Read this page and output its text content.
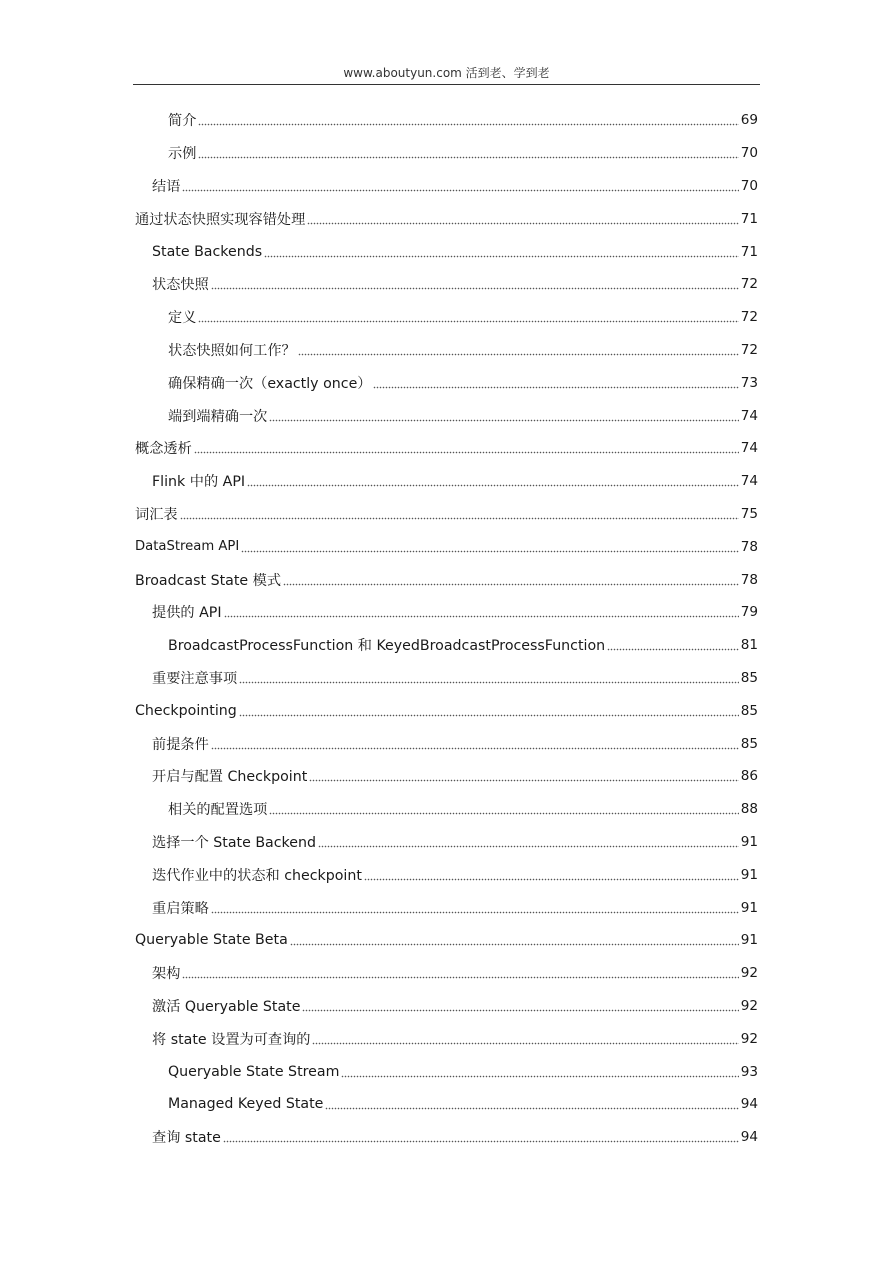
www.aboutyun.com 活到老、学到老
简介	69
示例	70
结语	70
通过状态快照实现容错处理	71
State Backends	71
状态快照	72
定义	72
状态快照如何工作？	72
确保精确一次（exactly once）	73
端到端精确一次	74
概念透析	74
Flink 中的 API	74
词汇表	75
DataStream API	78
Broadcast State 模式	78
提供的 API	79
BroadcastProcessFunction 和 KeyedBroadcastProcessFunction	81
重要注意事项	85
Checkpointing	85
前提条件	85
开启与配置 Checkpoint	86
相关的配置选项	88
选择一个 State Backend	91
迭代作业中的状态和 checkpoint	91
重启策略	91
Queryable State Beta	91
架构	92
激活 Queryable State	92
将 state 设置为可查询的	92
Queryable State Stream	93
Managed Keyed State	94
查询 state	94
